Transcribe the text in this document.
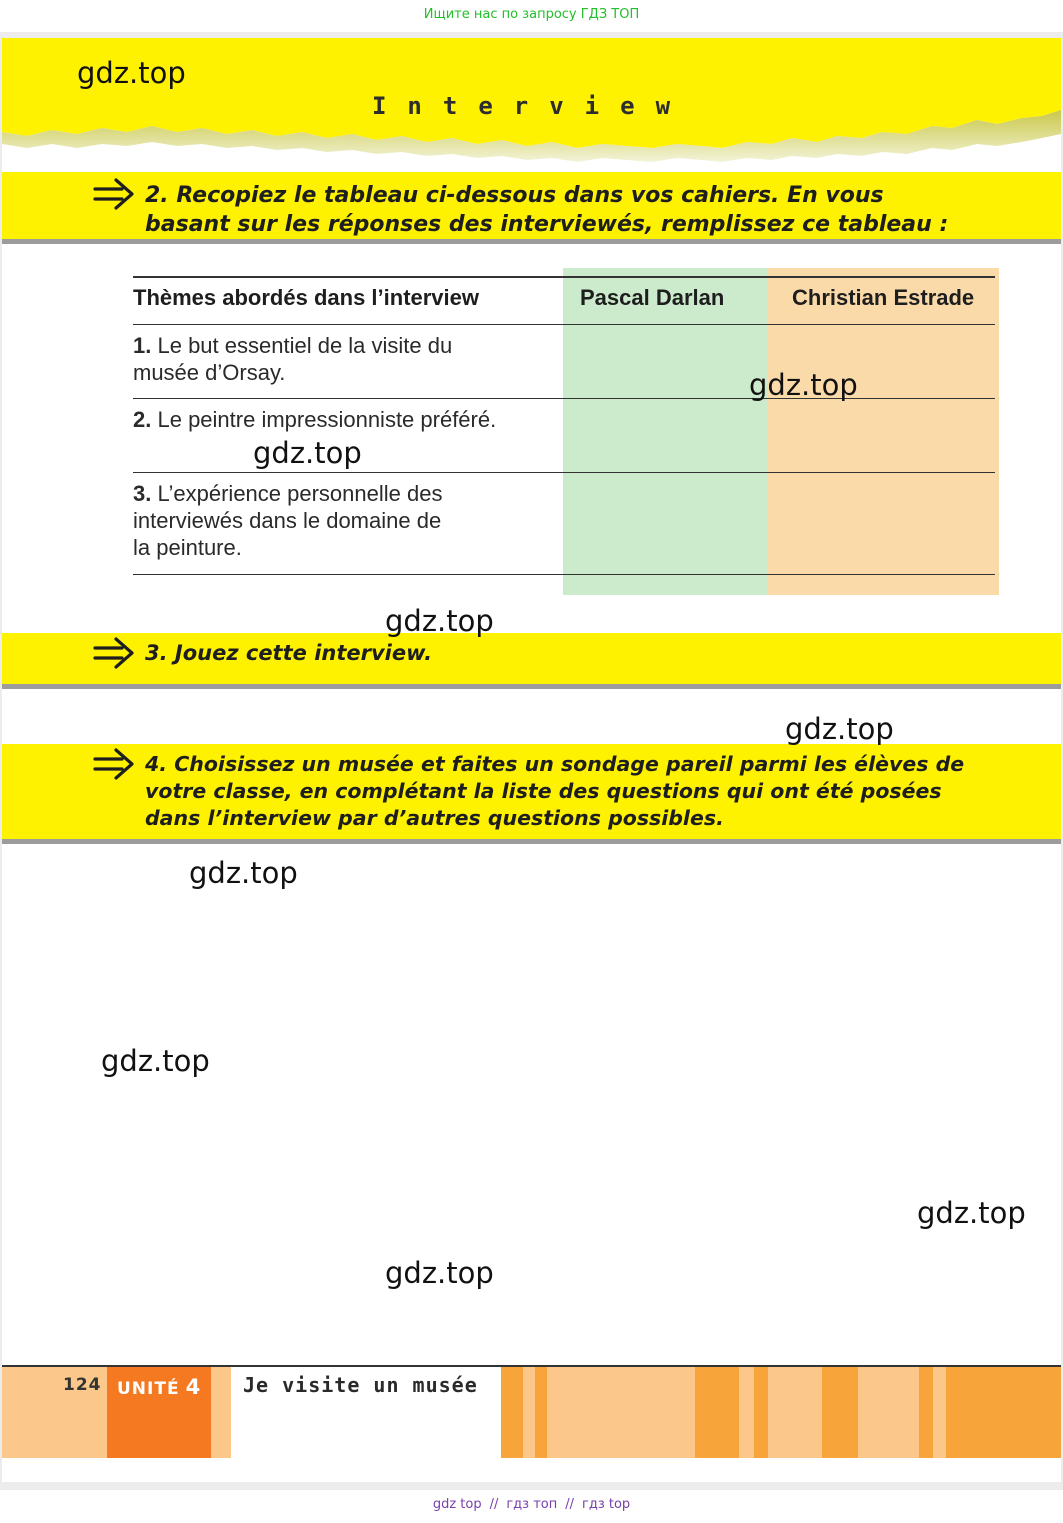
Ищите нас по запросу ГДЗ ТОП
Interview
2. Recopiez le tableau ci-dessous dans vos cahiers. En vous
basant sur les réponses des interviewés, remplissez ce tableau :
Thèmes abordés dans l’interview	Pascal Darlan	Christian Estrade
1. Le but essentiel de la visite du
musée d’Orsay.
2. Le peintre impressionniste préféré.
3. L’expérience personnelle des
interviewés dans le domaine de
la peinture.
3. Jouez cette interview.
4. Choisissez un musée et faites un sondage pareil parmi les élèves de
votre classe, en complétant la liste des questions qui ont été posées
dans l’interview par d’autres questions possibles.
gdz.top
gdz.top
gdz.top
gdz.top
gdz.top
gdz.top
gdz.top
gdz.top
gdz.top
124 UNITÉ 4 Je visite un musée
gdz top // гдз топ // гдз top
